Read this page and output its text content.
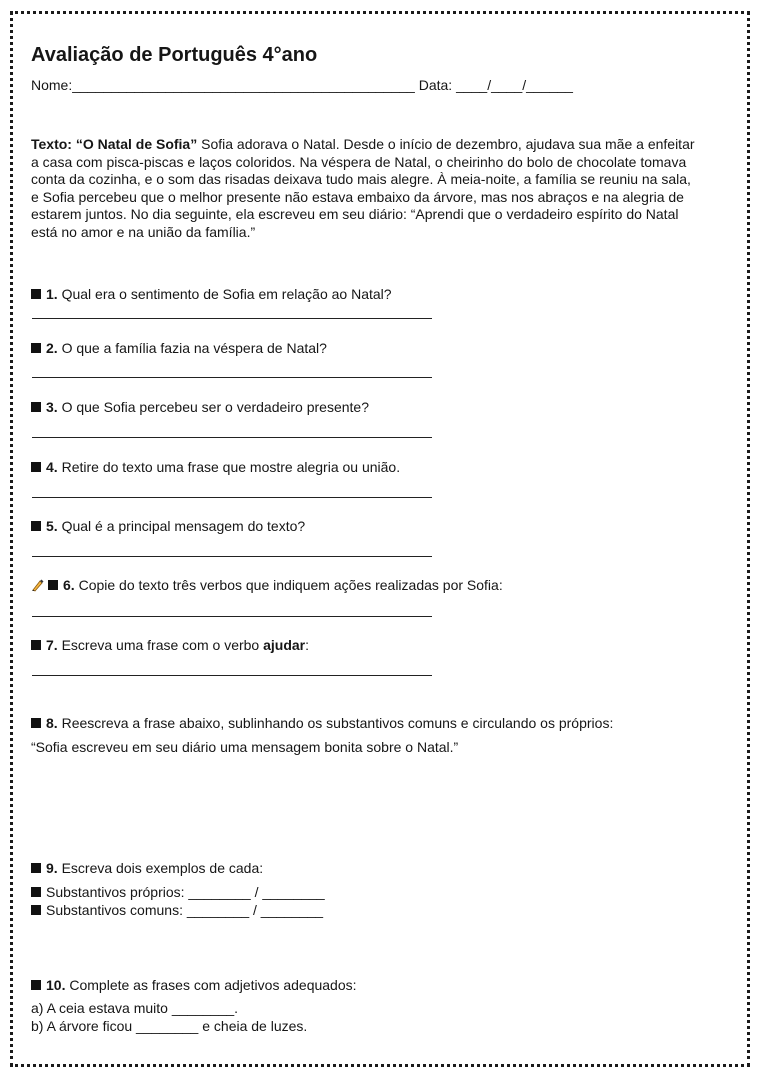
Avaliação de Português 4°ano
Nome:____________________________________________ Data: ____/____/______
Texto: “O Natal de Sofia” Sofia adorava o Natal. Desde o início de dezembro, ajudava sua mãe a enfeitar a casa com pisca-piscas e laços coloridos. Na véspera de Natal, o cheirinho do bolo de chocolate tomava conta da cozinha, e o som das risadas deixava tudo mais alegre. À meia-noite, a família se reuniu na sala, e Sofia percebeu que o melhor presente não estava embaixo da árvore, mas nos abraços e na alegria de estarem juntos. No dia seguinte, ela escreveu em seu diário: “Aprendi que o verdadeiro espírito do Natal está no amor e na união da família.”
1. Qual era o sentimento de Sofia em relação ao Natal?
2. O que a família fazia na véspera de Natal?
3. O que Sofia percebeu ser o verdadeiro presente?
4. Retire do texto uma frase que mostre alegria ou união.
5. Qual é a principal mensagem do texto?
6. Copie do texto três verbos que indiquem ações realizadas por Sofia:
7. Escreva uma frase com o verbo ajudar:
8. Reescreva a frase abaixo, sublinhando os substantivos comuns e circulando os próprios:
“Sofia escreveu em seu diário uma mensagem bonita sobre o Natal.”
9. Escreva dois exemplos de cada:
Substantivos próprios: ________ / ________
Substantivos comuns: ________ / ________
10. Complete as frases com adjetivos adequados:
a) A ceia estava muito ________.
b) A árvore ficou ________ e cheia de luzes.
